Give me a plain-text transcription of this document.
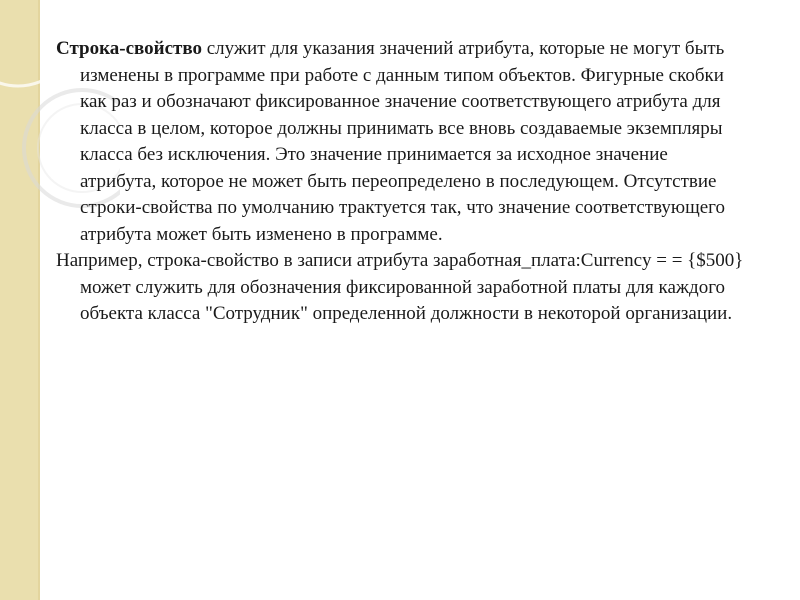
Строка-свойство служит для указания значений атрибута, которые не могут быть изменены в программе при работе с данным типом объектов. Фигурные скобки как раз и обозначают фиксированное значение соответствующего атрибута для класса в целом, которое должны принимать все вновь создаваемые экземпляры класса без исключения. Это значение принимается за исходное значение атрибута, которое не может быть переопределено в последующем. Отсутствие строки-свойства по умолчанию трактуется так, что значение соответствующего атрибута может быть изменено в программе.

Например, строка-свойство в записи атрибута заработная_плата:Currency = = {$500} может служить для обозначения фиксированной заработной платы для каждого объекта класса "Сотрудник" определенной должности в некоторой организации.
